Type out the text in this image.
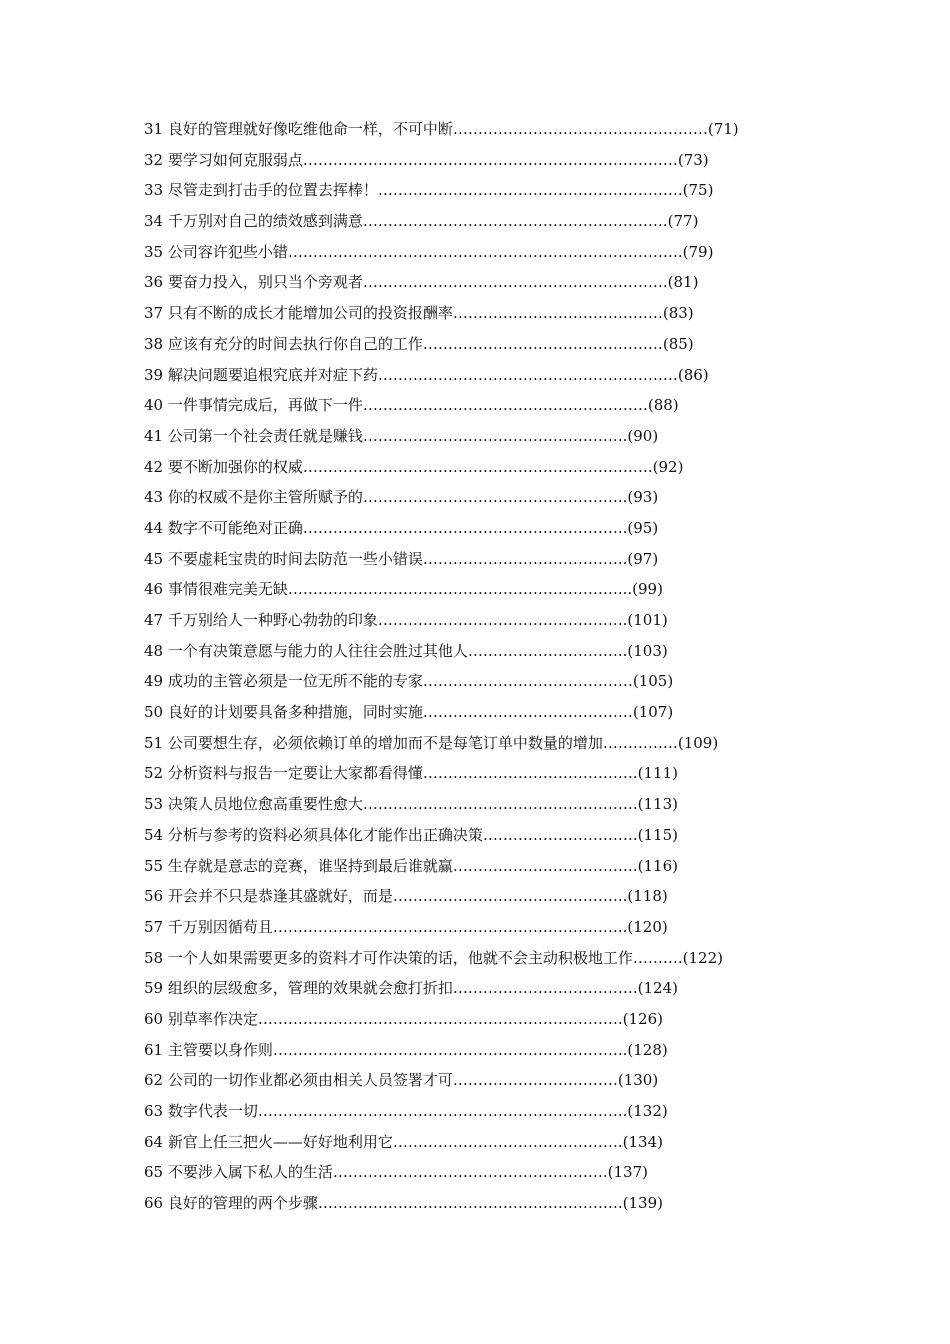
31 良好的管理就好像吃维他命一样，不可中断……………………………………………(71)
32 要学习如何克服弱点…………………………………………………………………(73)
33 尽管走到打击手的位置去挥棒！…………………………………………………….(75)
34 千万别对自己的绩效感到满意…………………………………………………….(77)
35 公司容许犯些小错…………………………………………………………………….(79)
36 要奋力投入，别只当个旁观者…………………………………………………….(81)
37 只有不断的成长才能增加公司的投资报酬率……………………………………(83)
38 应该有充分的时间去执行你自己的工作…………………………………………(85)
39 解决问题要追根究底并对症下药……………………………………………………(86)
40 一件事情完成后，再做下一件…………………………………………………(88)
41 公司第一个社会责任就是赚钱……………………………………………..(90)
42 要不断加强你的权威…………………………………………………………….(92)
43 你的权威不是你主管所赋予的……………………………………………..(93)
44 数字不可能绝对正确………………………………………………………..(95)
45 不要虚耗宝贵的时间去防范一些小错误…………………………………..(97)
46 事情很难完美无缺…………………………………………………………...(99)
47 千万别给人一种野心勃勃的印象…………………………………………..(101)
48 一个有决策意愿与能力的人往往会胜过其他人…………………………..(103)
49 成功的主管必须是一位无所不能的专家……………………………………(105)
50 良好的计划要具备多种措施，同时实施……………………………………(107)
51 公司要想生存，必须依赖订单的增加而不是每笔订单中数量的增加……………(109)
52 分析资料与报告一定要让大家都看得懂…………………………………….(111)
53 决策人员地位愈高重要性愈大……………………………………………….(113)
54 分析与参考的资料必须具体化才能作出正确决策………………………….(115)
55 生存就是意志的竞赛，谁坚持到最后谁就赢……………………………….(116)
56 开会并不只是恭逢其盛就好，而是………………………………………..(118)
57 千万别因循苟且……………………………………………………………..(120)
58 一个人如果需要更多的资料才可作决策的话，他就不会主动积极地工作……….(122)
59 组织的层级愈多，管理的效果就会愈打折扣……………………………….(124)
60 别草率作决定……………………………………………………………….(126)
61 主管要以身作则……………………………………………………………..(128)
62 公司的一切作业都必须由相关人员签署才可……………………………(130)
63 数字代表一切………………………………………………………………..(132)
64 新官上任三把火——好好地利用它……………………………………….(134)
65 不要涉入属下私人的生活……………………………………………….(137)
66 良好的管理的两个步骤…………………………………………………….(139)
